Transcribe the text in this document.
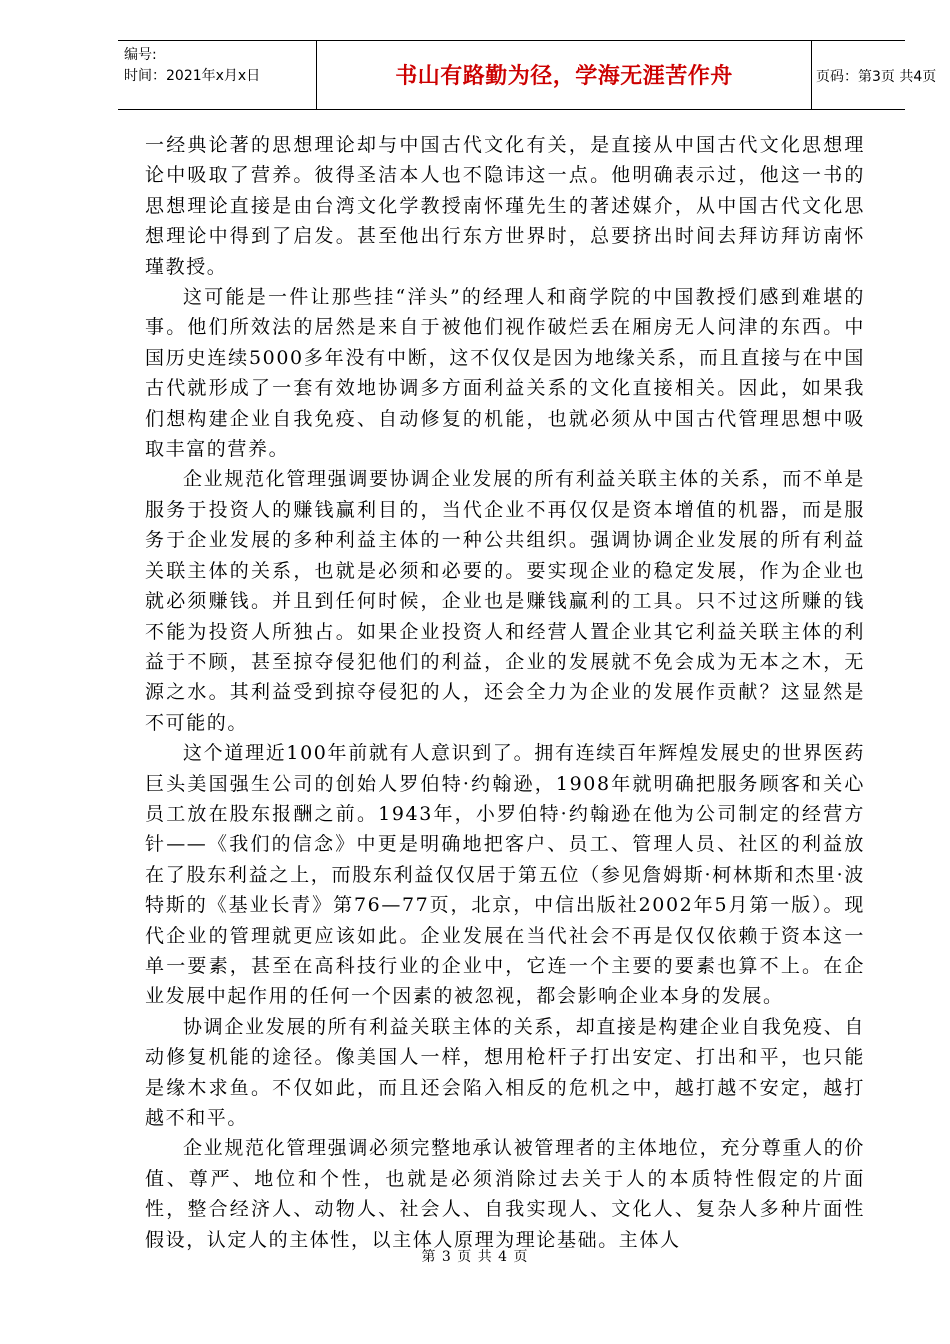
编号:
时间：2021年x月x日	书山有路勤为径，学海无涯苦作舟	页码：第3页 共4页

一经典论著的思想理论却与中国古代文化有关，是直接从中国古代文化思想理论中吸取了营养。彼得圣洁本人也不隐讳这一点。他明确表示过，他这一书的思想理论直接是由台湾文化学教授南怀瑾先生的著述媒介，从中国古代文化思想理论中得到了启发。甚至他出行东方世界时，总要挤出时间去拜访拜访南怀瑾教授。

这可能是一件让那些挂“洋头”的经理人和商学院的中国教授们感到难堪的事。他们所效法的居然是来自于被他们视作破烂丢在厢房无人问津的东西。中国历史连续5000多年没有中断，这不仅仅是因为地缘关系，而且直接与在中国古代就形成了一套有效地协调多方面利益关系的文化直接相关。因此，如果我们想构建企业自我免疫、自动修复的机能，也就必须从中国古代管理思想中吸取丰富的营养。

企业规范化管理强调要协调企业发展的所有利益关联主体的关系，而不单是服务于投资人的赚钱赢利目的，当代企业不再仅仅是资本增值的机器，而是服务于企业发展的多种利益主体的一种公共组织。强调协调企业发展的所有利益关联主体的关系，也就是必须和必要的。要实现企业的稳定发展，作为企业也就必须赚钱。并且到任何时候，企业也是赚钱赢利的工具。只不过这所赚的钱不能为投资人所独占。如果企业投资人和经营人置企业其它利益关联主体的利益于不顾，甚至掠夺侵犯他们的利益，企业的发展就不免会成为无本之木，无源之水。其利益受到掠夺侵犯的人，还会全力为企业的发展作贡献？这显然是不可能的。

这个道理近100年前就有人意识到了。拥有连续百年辉煌发展史的世界医药巨头美国强生公司的创始人罗伯特·约翰逊，1908年就明确把服务顾客和关心员工放在股东报酬之前。1943年，小罗伯特·约翰逊在他为公司制定的经营方针——《我们的信念》中更是明确地把客户、员工、管理人员、社区的利益放在了股东利益之上，而股东利益仅仅居于第五位（参见詹姆斯·柯林斯和杰里·波特斯的《基业长青》第76—77页，北京，中信出版社2002年5月第一版）。现代企业的管理就更应该如此。企业发展在当代社会不再是仅仅依赖于资本这一单一要素，甚至在高科技行业的企业中，它连一个主要的要素也算不上。在企业发展中起作用的任何一个因素的被忽视，都会影响企业本身的发展。

协调企业发展的所有利益关联主体的关系，却直接是构建企业自我免疫、自动修复机能的途径。像美国人一样，想用枪杆子打出安定、打出和平，也只能是缘木求鱼。不仅如此，而且还会陷入相反的危机之中，越打越不安定，越打越不和平。

企业规范化管理强调必须完整地承认被管理者的主体地位，充分尊重人的价值、尊严、地位和个性，也就是必须消除过去关于人的本质特性假定的片面性，整合经济人、动物人、社会人、自我实现人、文化人、复杂人多种片面性假设，认定人的主体性，以主体人原理为理论基础。主体人

第 3 页 共 4 页
